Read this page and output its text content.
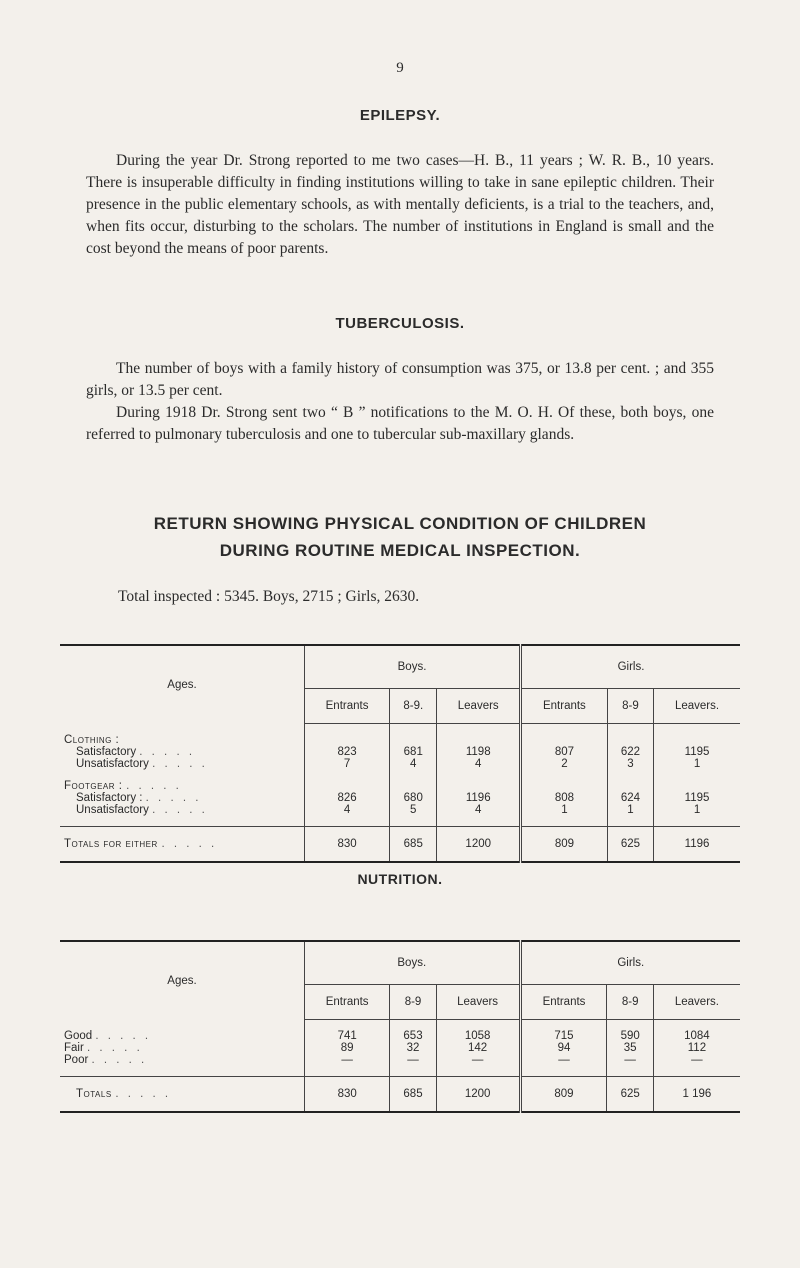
9
EPILEPSY.
During the year Dr. Strong reported to me two cases—H. B., 11 years ; W. R. B., 10 years. There is insuperable difficulty in finding institutions willing to take in sane epileptic children. Their presence in the public elementary schools, as with mentally deficients, is a trial to the teachers, and, when fits occur, disturbing to the scholars. The number of institutions in England is small and the cost beyond the means of poor parents.
TUBERCULOSIS.
The number of boys with a family history of consumption was 375, or 13.8 per cent. ; and 355 girls, or 13.5 per cent.
During 1918 Dr. Strong sent two “ B ” notifications to the M. O. H. Of these, both boys, one referred to pulmonary tuberculosis and one to tubercular sub-maxillary glands.
RETURN SHOWING PHYSICAL CONDITION OF CHILDREN
DURING ROUTINE MEDICAL INSPECTION.
Total inspected : 5345. Boys, 2715 ; Girls, 2630.
Ages.	Boys.			Girls.		
	Entrants	8-9.	Leavers	Entrants	8-9	Leavers.

Clothing :						
Satisfactory . . . . .	823	681	1198	807	622	1195
Unsatisfactory . . . . .	7	4	4	2	3	1

Footgear : . . . . .						
Satisfactory : . . . . .	826	680	1196	808	624	1195
Unsatisfactory . . . . .	4	5	4	1	1	1

Totals for either . . . . .	830	685	1200	809	625	1196
NUTRITION.
Ages.	Boys.			Girls.		
	Entrants	8-9	Leavers	Entrants	8-9	Leavers.

Good . . . . .	741	653	1058	715	590	1084
Fair . . . . .	89	32	142	94	35	112
Poor . . . . .	—	—	—	—	—	—

Totals . . . . .	830	685	1200	809	625	1 196
